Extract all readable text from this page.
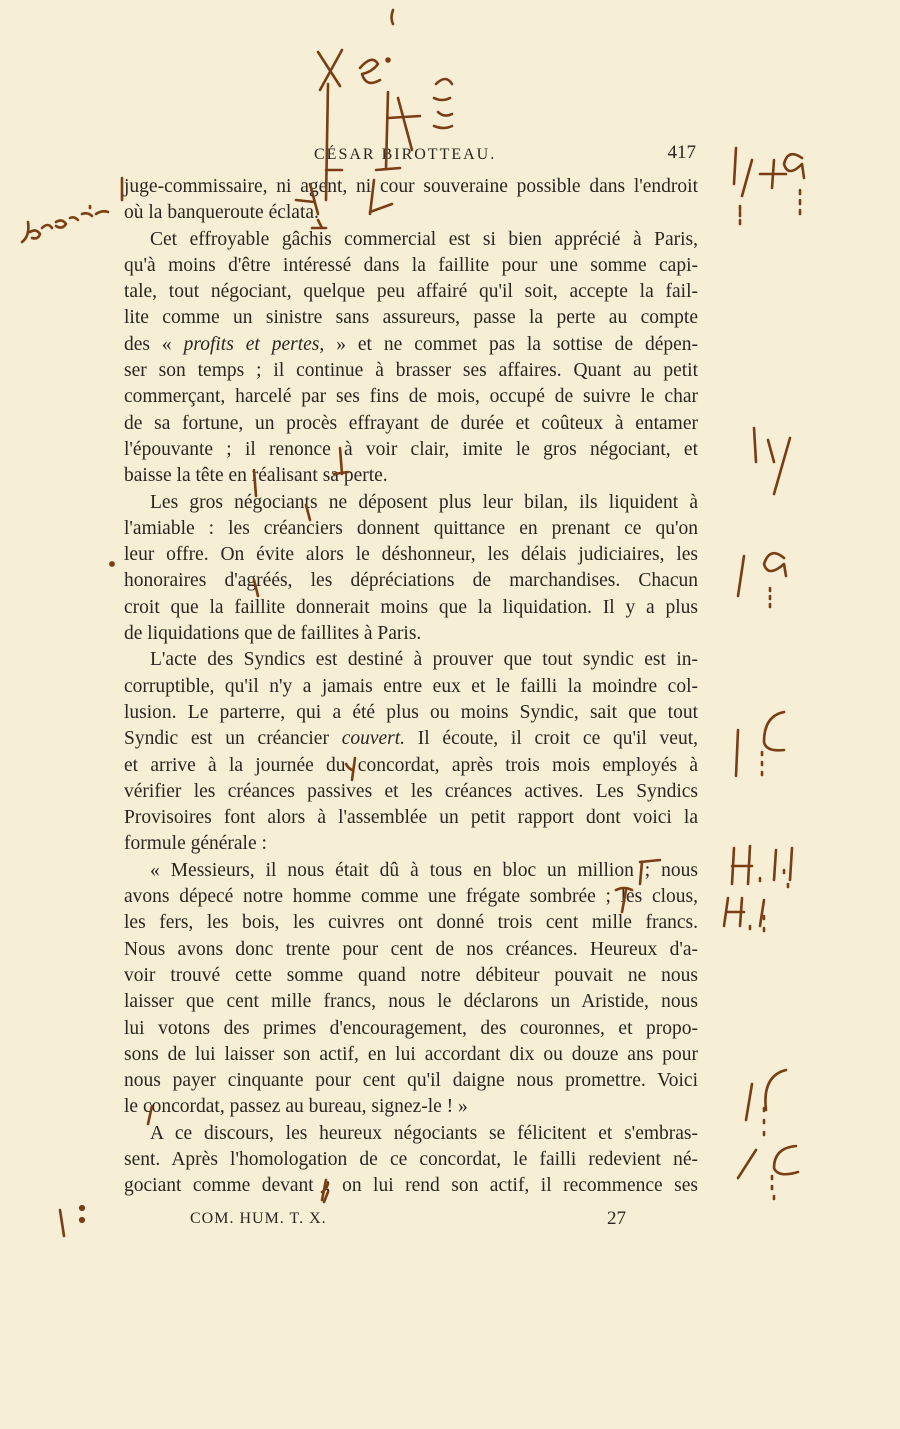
CÉSAR BIROTTEAU.	417
juge-commissaire, ni agent, ni cour souveraine possible dans l'endroit
où la banqueroute éclata.
Cet effroyable gâchis commercial est si bien apprécié à Paris,
qu'à moins d'être intéressé dans la faillite pour une somme capi-
tale, tout négociant, quelque peu affairé qu'il soit, accepte la fail-
lite comme un sinistre sans assureurs, passe la perte au compte
des « profits et pertes, » et ne commet pas la sottise de dépen-
ser son temps ; il continue à brasser ses affaires. Quant au petit
commerçant, harcelé par ses fins de mois, occupé de suivre le char
de sa fortune, un procès effrayant de durée et coûteux à entamer
l'épouvante ; il renonce à voir clair, imite le gros négociant, et
baisse la tête en réalisant sa perte.
Les gros négociants ne déposent plus leur bilan, ils liquident à
l'amiable : les créanciers donnent quittance en prenant ce qu'on
leur offre. On évite alors le déshonneur, les délais judiciaires, les
honoraires d'agréés, les dépréciations de marchandises. Chacun
croit que la faillite donnerait moins que la liquidation. Il y a plus
de liquidations que de faillites à Paris.
L'acte des Syndics est destiné à prouver que tout syndic est in-
corruptible, qu'il n'y a jamais entre eux et le failli la moindre col-
lusion. Le parterre, qui a été plus ou moins Syndic, sait que tout
Syndic est un créancier couvert. Il écoute, il croit ce qu'il veut,
et arrive à la journée du concordat, après trois mois employés à
vérifier les créances passives et les créances actives. Les Syndics
Provisoires font alors à l'assemblée un petit rapport dont voici la
formule générale :
« Messieurs, il nous était dû à tous en bloc un million ; nous
avons dépecé notre homme comme une frégate sombrée ; les clous,
les fers, les bois, les cuivres ont donné trois cent mille francs.
Nous avons donc trente pour cent de nos créances. Heureux d'a-
voir trouvé cette somme quand notre débiteur pouvait ne nous
laisser que cent mille francs, nous le déclarons un Aristide, nous
lui votons des primes d'encouragement, des couronnes, et propo-
sons de lui laisser son actif, en lui accordant dix ou douze ans pour
nous payer cinquante pour cent qu'il daigne nous promettre. Voici
le concordat, passez au bureau, signez-le ! »
A ce discours, les heureux négociants se félicitent et s'embras-
sent. Après l'homologation de ce concordat, le failli redevient né-
gociant comme devant ; on lui rend son actif, il recommence ses
COM. HUM. T. X.	27
